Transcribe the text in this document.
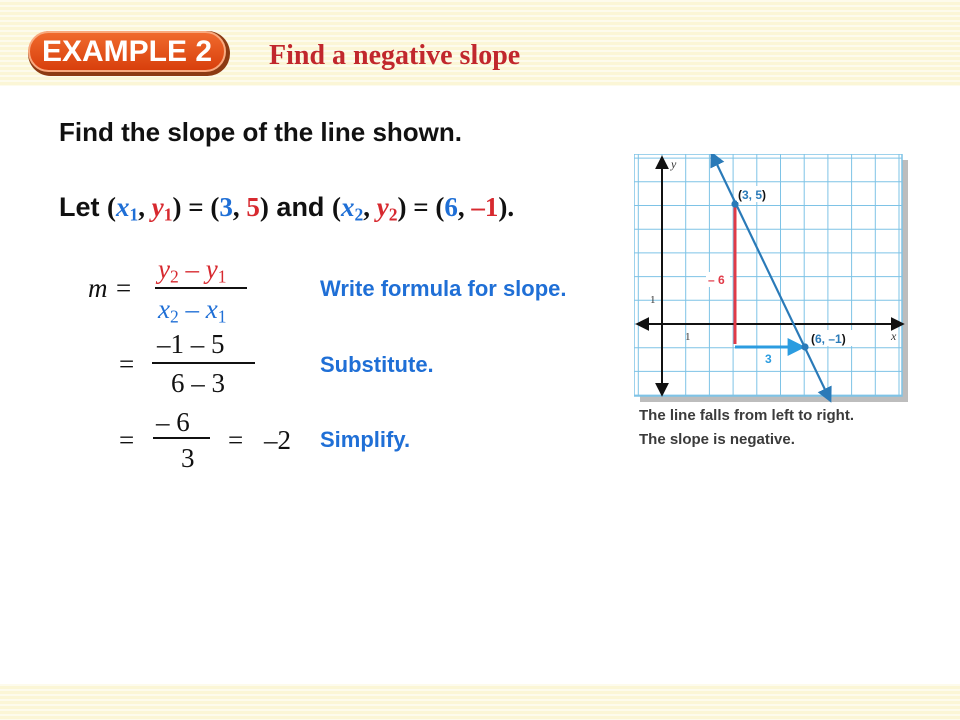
EXAMPLE 2	Find a negative slope
Find the slope of the line shown.
Let ($x_1$, $y_1) = (3$, 5) and ($x_2$, $y_2) = (6$, –1).
m =
$y_2 - y_1$
$x_2 - x_1$
Write formula for slope.
=
–1 – 5
6 – 3
Substitute.
=
– 6
3
= –2 Simplify.
y
x
1
1
(3, 5)
(6, –1)
– 6
3
The line falls from left to right.
The slope is negative.
